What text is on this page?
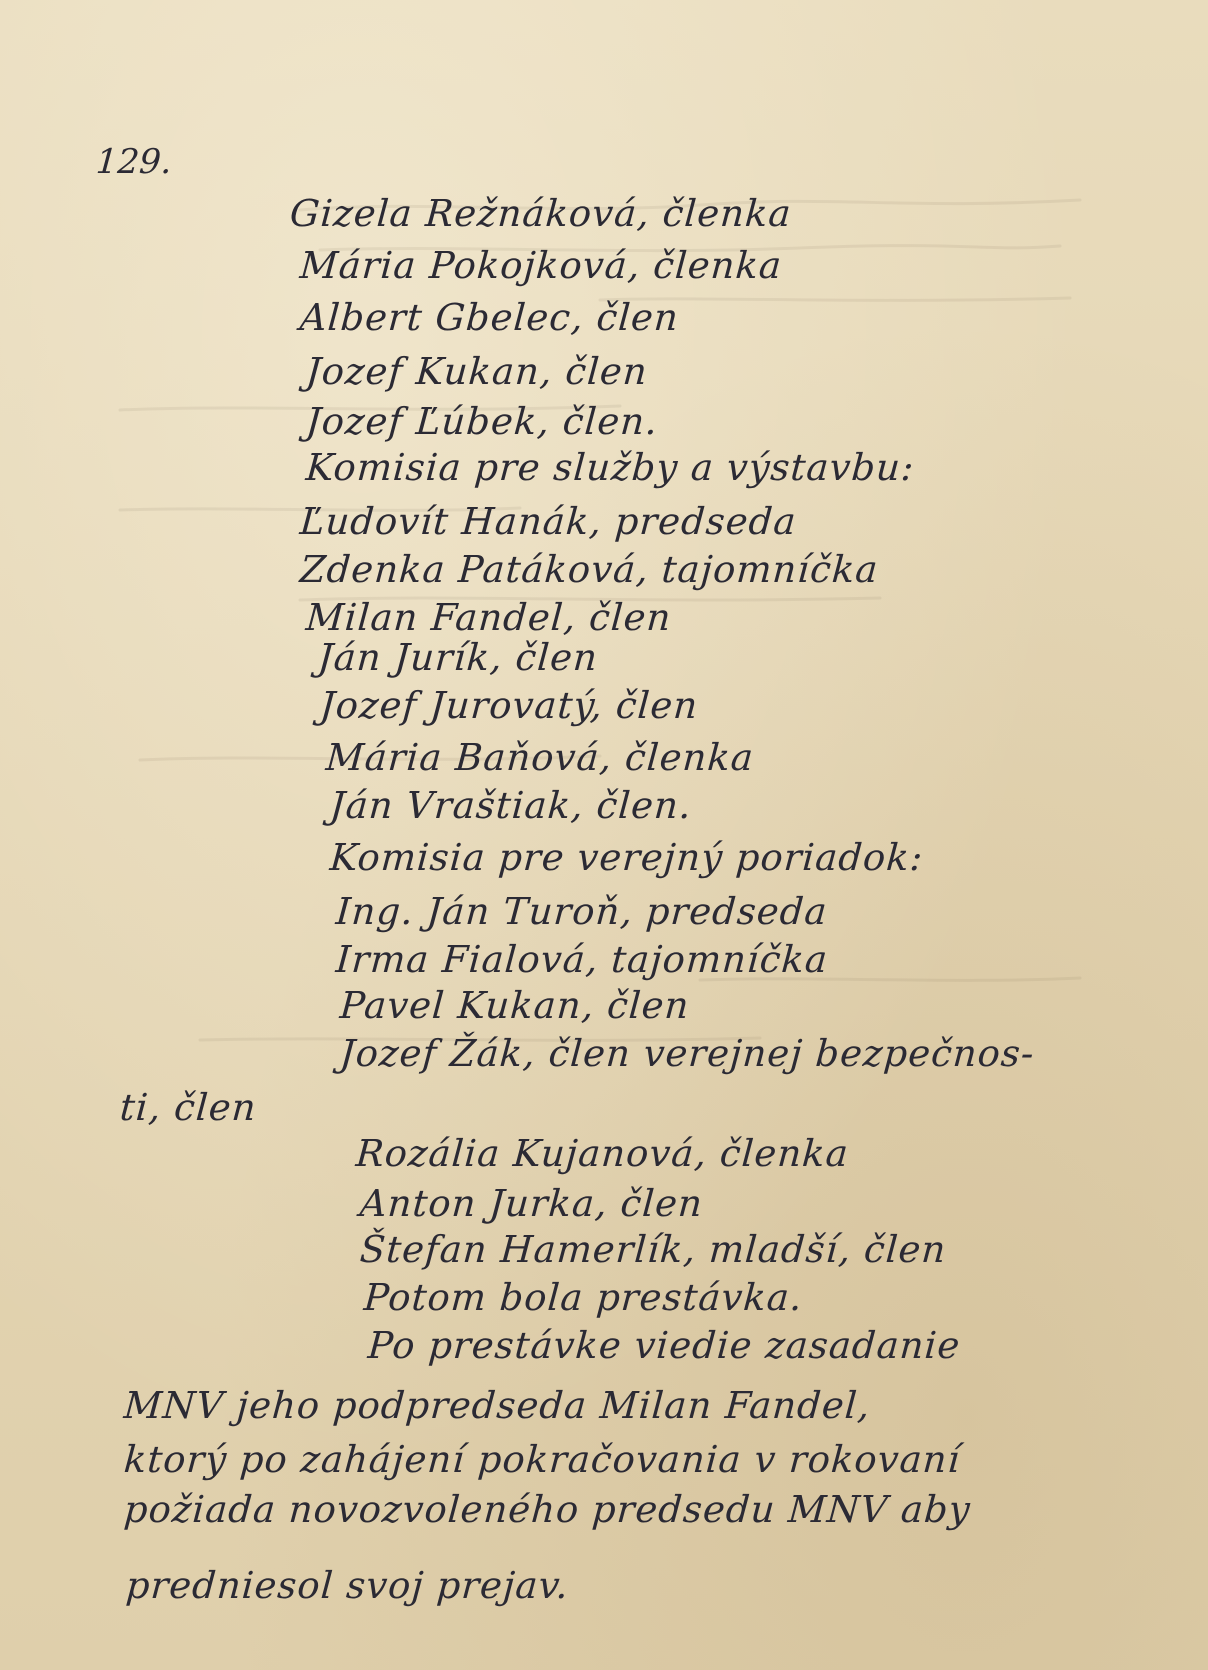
129.
Gizela Režnáková, členka
Mária Pokojková, členka
Albert Gbelec, člen
Jozef Kukan, člen
Jozef Ľúbek, člen.
Komisia pre služby a výstavbu:
Ľudovít Hanák, predseda
Zdenka Patáková, tajomníčka
Milan Fandel, člen
Ján Jurík, člen
Jozef Jurovatý, člen
Mária Baňová, členka
Ján Vraštiak, člen.
Komisia pre verejný poriadok:
Ing. Ján Turoň, predseda
Irma Fialová, tajomníčka
Pavel Kukan, člen
Jozef Žák, člen verejnej bezpečnos-
ti, člen
Rozália Kujanová, členka
Anton Jurka, člen
Štefan Hamerlík, mladší, člen
Potom bola prestávka.
Po prestávke viedie zasadanie
MNV jeho podpredseda Milan Fandel,
ktorý po zahájení pokračovania v rokovaní
požiada novozvoleného predsedu MNV aby
predniesol svoj prejav.
